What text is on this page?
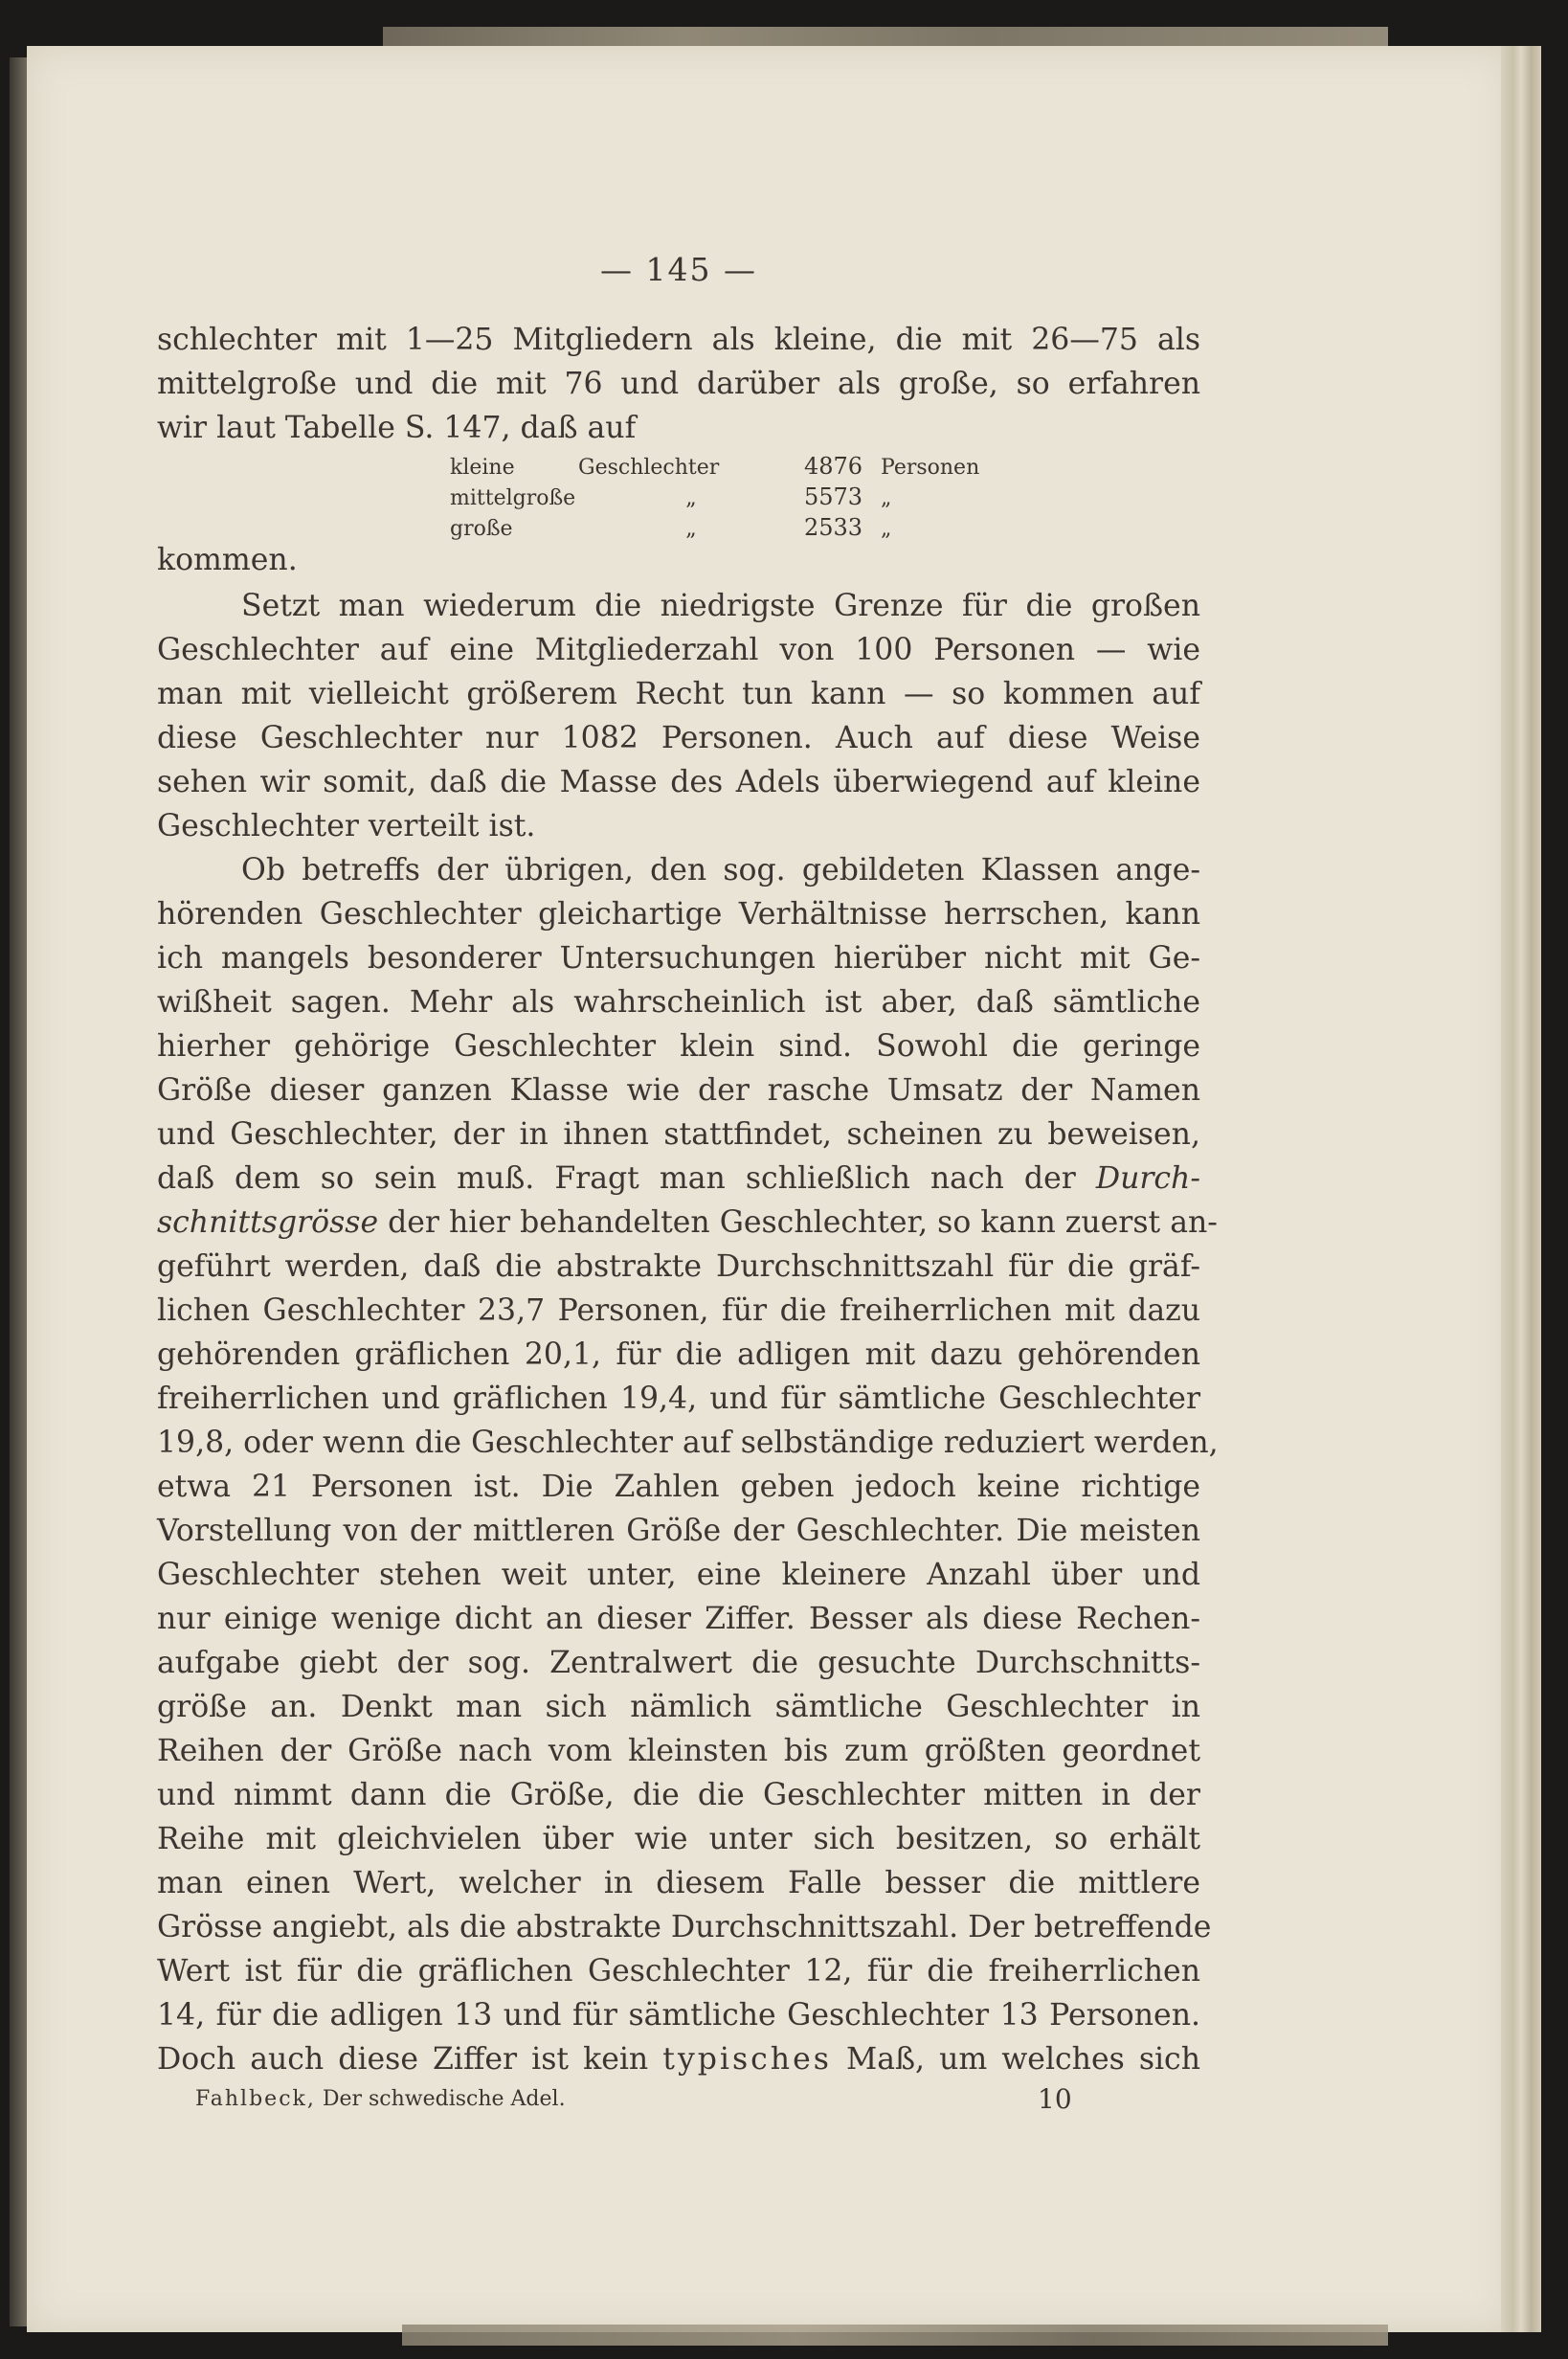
— 145 —
schlechter mit 1—25 Mitgliedern als kleine, die mit 26—75 als
mittelgroße und die mit 76 und darüber als große, so erfahren
wir laut Tabelle S. 147, daß auf
kleine	Geschlechter	4876 Personen
mittelgroße	„	5573 „
große	„	2533 „
kommen.
Setzt man wiederum die niedrigste Grenze für die großen
Geschlechter auf eine Mitgliederzahl von 100 Personen — wie
man mit vielleicht größerem Recht tun kann — so kommen auf
diese Geschlechter nur 1082 Personen. Auch auf diese Weise
sehen wir somit, daß die Masse des Adels überwiegend auf kleine
Geschlechter verteilt ist.
Ob betreffs der übrigen, den sog. gebildeten Klassen ange-
hörenden Geschlechter gleichartige Verhältnisse herrschen, kann
ich mangels besonderer Untersuchungen hierüber nicht mit Ge-
wißheit sagen. Mehr als wahrscheinlich ist aber, daß sämtliche
hierher gehörige Geschlechter klein sind. Sowohl die geringe
Größe dieser ganzen Klasse wie der rasche Umsatz der Namen
und Geschlechter, der in ihnen stattfindet, scheinen zu beweisen,
daß dem so sein muß. Fragt man schließlich nach der Durch-
schnittsgrösse der hier behandelten Geschlechter, so kann zuerst an-
geführt werden, daß die abstrakte Durchschnittszahl für die gräf-
lichen Geschlechter 23,7 Personen, für die freiherrlichen mit dazu
gehörenden gräflichen 20,1, für die adligen mit dazu gehörenden
freiherrlichen und gräflichen 19,4, und für sämtliche Geschlechter
19,8, oder wenn die Geschlechter auf selbständige reduziert werden,
etwa 21 Personen ist. Die Zahlen geben jedoch keine richtige
Vorstellung von der mittleren Größe der Geschlechter. Die meisten
Geschlechter stehen weit unter, eine kleinere Anzahl über und
nur einige wenige dicht an dieser Ziffer. Besser als diese Rechen-
aufgabe giebt der sog. Zentralwert die gesuchte Durchschnitts-
größe an. Denkt man sich nämlich sämtliche Geschlechter in
Reihen der Größe nach vom kleinsten bis zum größten geordnet
und nimmt dann die Größe, die die Geschlechter mitten in der
Reihe mit gleichvielen über wie unter sich besitzen, so erhält
man einen Wert, welcher in diesem Falle besser die mittlere
Grösse angiebt, als die abstrakte Durchschnittszahl. Der betreffende
Wert ist für die gräflichen Geschlechter 12, für die freiherrlichen
14, für die adligen 13 und für sämtliche Geschlechter 13 Personen.
Doch auch diese Ziffer ist kein typisches Maß, um welches sich
Fahlbeck, Der schwedische Adel.	10
